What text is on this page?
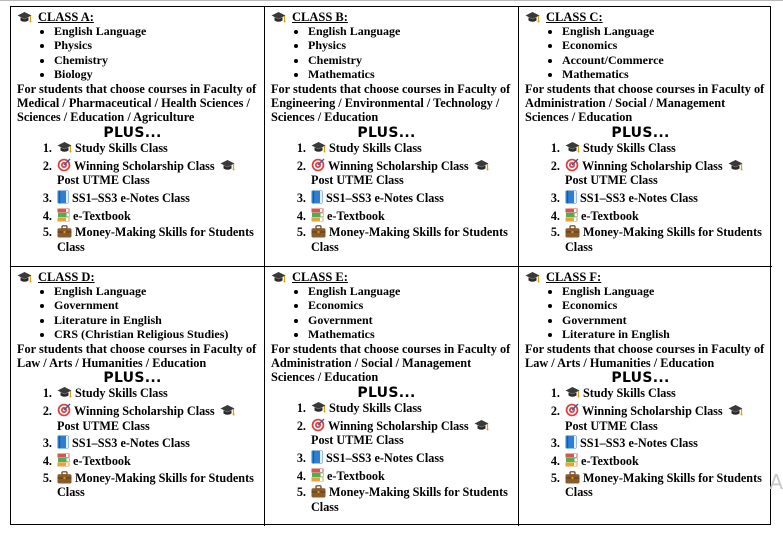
CLASS A:
• English Language
• Physics
• Chemistry
• Biology
For students that choose courses in Faculty of Medical / Pharmaceutical / Health Sciences / Sciences / Education / Agriculture
PLUS...
1. Study Skills Class
2. Winning Scholarship Class

Post UTME Class
3. SS1–SS3 e-Notes Class
4. e-Textbook
5. Money-Making Skills for Students Class
CLASS B:
• English Language
• Physics
• Chemistry
• Mathematics
For students that choose courses in Faculty of Engineering / Environmental / Technology / Sciences / Education
PLUS...
1. Study Skills Class
2. Winning Scholarship Class

Post UTME Class
3. SS1–SS3 e-Notes Class
4. e-Textbook
5. Money-Making Skills for Students Class
CLASS C:
• English Language
• Economics
• Account/Commerce
• Mathematics
For students that choose courses in Faculty of Administration / Social / Management Sciences / Education
PLUS...
1. Study Skills Class
2. Winning Scholarship Class

Post UTME Class
3. SS1–SS3 e-Notes Class
4. e-Textbook
5. Money-Making Skills for Students Class
CLASS D:
• English Language
• Government
• Literature in English
• CRS (Christian Religious Studies)
For students that choose courses in Faculty of Law / Arts / Humanities / Education
PLUS...
1. Study Skills Class
2. Winning Scholarship Class

Post UTME Class
3. SS1–SS3 e-Notes Class
4. e-Textbook
5. Money-Making Skills for Students Class
CLASS E:
• English Language
• Economics
• Government
• Mathematics
For students that choose courses in Faculty of Administration / Social / Management Sciences / Education
PLUS...
1. Study Skills Class
2. Winning Scholarship Class

Post UTME Class
3. SS1–SS3 e-Notes Class
4. e-Textbook
5. Money-Making Skills for Students Class
CLASS F:
• English Language
• Economics
• Government
• Literature in English
For students that choose courses in Faculty of Law / Arts / Humanities / Education
PLUS...
1. Study Skills Class
2. Winning Scholarship Class

Post UTME Class
3. SS1–SS3 e-Notes Class
4. e-Textbook
5. Money-Making Skills for Students Class	A
